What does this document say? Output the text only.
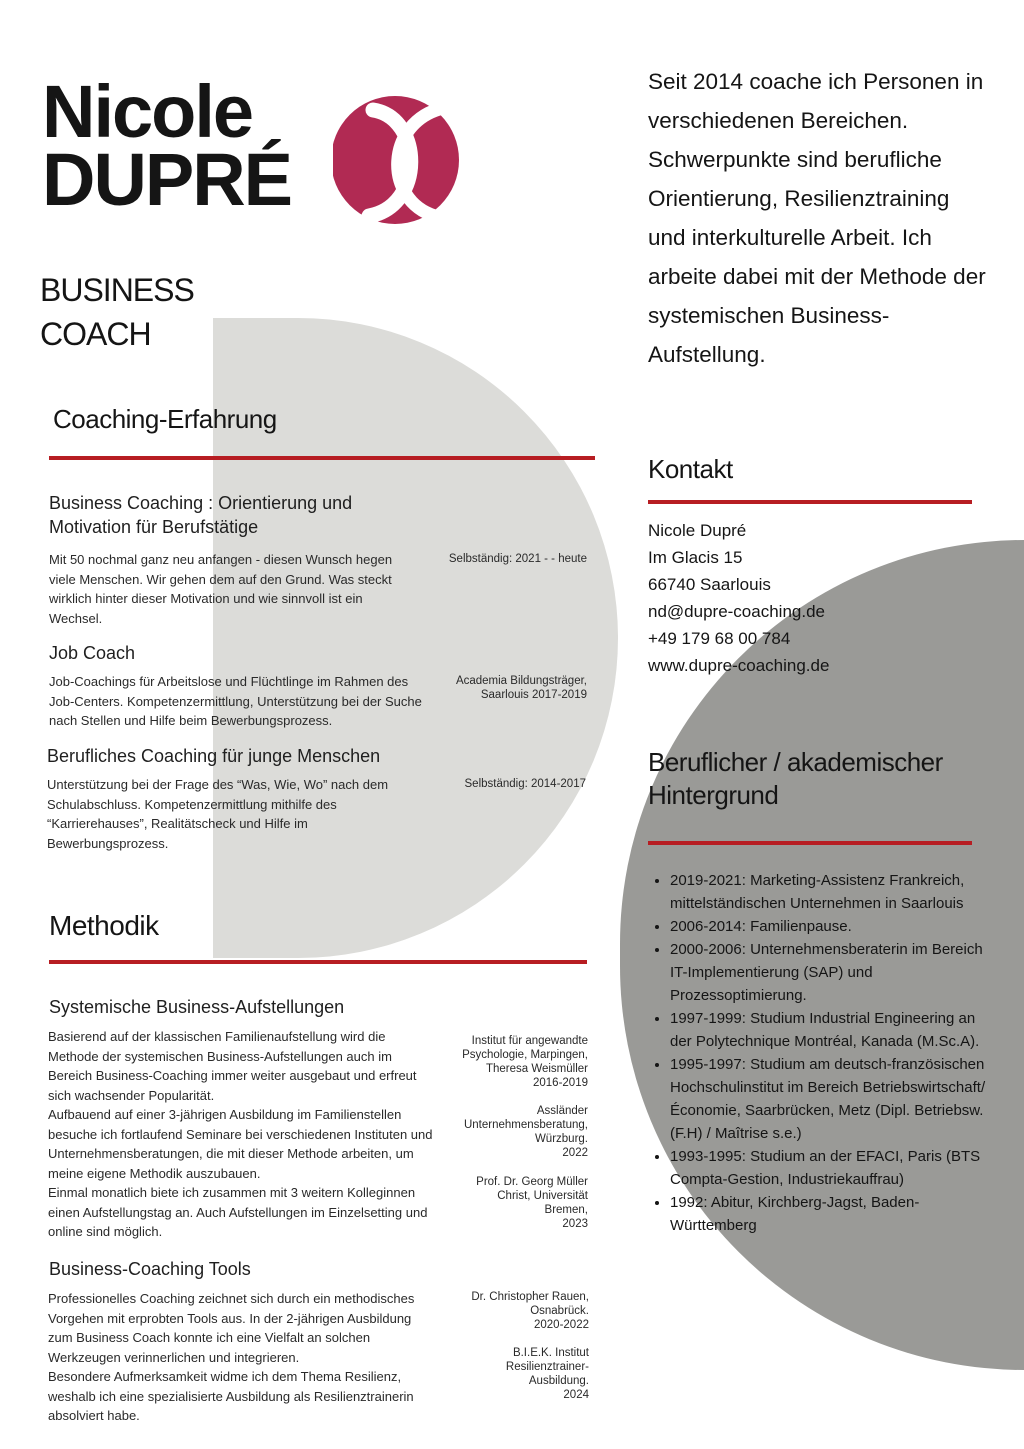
Nicole
DUPRÉ
BUSINESS
COACH
Seit 2014 coache ich Personen in verschiedenen Bereichen. Schwerpunkte sind berufliche Orientierung, Resilienztraining und interkulturelle Arbeit. Ich arbeite dabei mit der Methode der systemischen Business-Aufstellung.
Coaching-Erfahrung
Business Coaching : Orientierung und
Motivation für Berufstätige
Mit 50 nochmal ganz neu anfangen - diesen Wunsch hegen viele Menschen. Wir gehen dem auf den Grund. Was steckt wirklich hinter dieser Motivation und wie sinnvoll ist ein Wechsel.
Selbständig: 2021 - - heute
Job Coach
Job-Coachings für Arbeitslose und Flüchtlinge im Rahmen des Job-Centers. Kompetenzermittlung, Unterstützung bei der Suche nach Stellen und Hilfe beim Bewerbungsprozess.
Academia Bildungsträger,
Saarlouis 2017-2019
Berufliches Coaching für junge Menschen
Unterstützung bei der Frage des “Was, Wie, Wo” nach dem Schulabschluss. Kompetenzermittlung mithilfe des “Karrierehauses”, Realitätscheck und Hilfe im Bewerbungsprozess.
Selbständig: 2014-2017
Methodik
Systemische Business-Aufstellungen
Basierend auf der klassischen Familienaufstellung wird die Methode der systemischen Business-Aufstellungen auch im Bereich Business-Coaching immer weiter ausgebaut und erfreut sich wachsender Popularität.
Aufbauend auf einer 3-jährigen Ausbildung im Familienstellen besuche ich fortlaufend Seminare bei verschiedenen Instituten und Unternehmensberatungen, die mit dieser Methode arbeiten, um meine eigene Methodik auszubauen.
Einmal monatlich biete ich zusammen mit 3 weitern Kolleginnen einen Aufstellungstag an. Auch Aufstellungen im Einzelsetting und online sind möglich.
Institut für angewandte
Psychologie, Marpingen,
Theresa Weismüller
2016-2019
Assländer
Unternehmensberatung,
Würzburg.
2022
Prof. Dr. Georg Müller
Christ, Universität
Bremen,
2023
Business-Coaching Tools
Professionelles Coaching zeichnet sich durch ein methodisches Vorgehen mit erprobten Tools aus. In der 2-jährigen Ausbildung zum Business Coach konnte ich eine Vielfalt an solchen Werkzeugen verinnerlichen und integrieren.
Besondere Aufmerksamkeit widme ich dem Thema Resilienz, weshalb ich eine spezialisierte Ausbildung als Resilienztrainerin absolviert habe.
Dr. Christopher Rauen,
Osnabrück.
2020-2022
B.I.E.K. Institut
Resilienztrainer-
Ausbildung.
2024
Kontakt
Nicole Dupré
Im Glacis 15
66740 Saarlouis
nd@dupre-coaching.de
+49 179 68 00 784
www.dupre-coaching.de
Beruflicher / akademischer
Hintergrund
• 2019-2021: Marketing-Assistenz Frankreich, mittelständischen Unternehmen in Saarlouis
• 2006-2014: Familienpause.
• 2000-2006: Unternehmensberaterin im Bereich IT-Implementierung (SAP) und Prozessoptimierung.
• 1997-1999: Studium Industrial Engineering an der Polytechnique Montréal, Kanada (M.Sc.A).
• 1995-1997: Studium am deutsch-französischen Hochschulinstitut im Bereich Betriebswirtschaft/Économie, Saarbrücken, Metz (Dipl. Betriebsw. (F.H) / Maîtrise s.e.)
• 1993-1995: Studium an der EFACI, Paris (BTS Compta-Gestion, Industriekauffrau)
• 1992: Abitur, Kirchberg-Jagst, Baden-Württemberg
